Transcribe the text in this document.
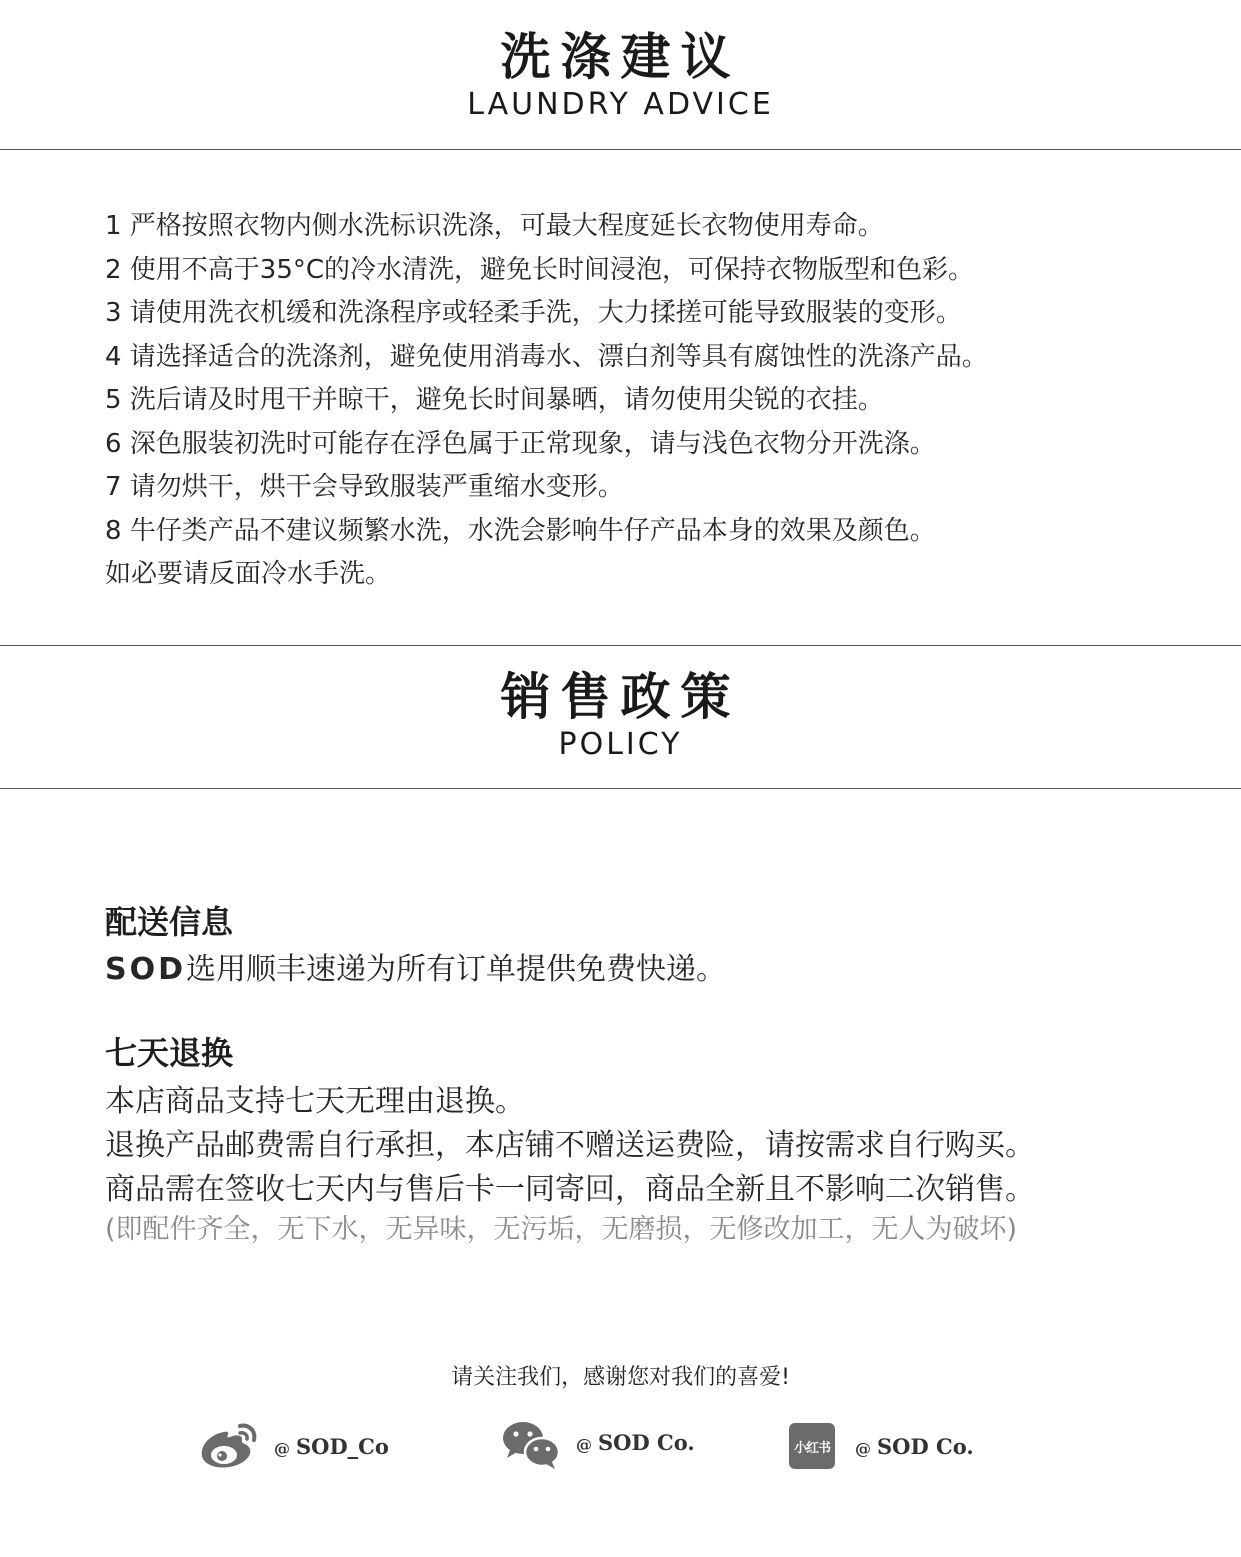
洗涤建议
LAUNDRY ADVICE
1 严格按照衣物内侧水洗标识洗涤，可最大程度延长衣物使用寿命。
2 使用不高于35°C的冷水清洗，避免长时间浸泡，可保持衣物版型和色彩。
3 请使用洗衣机缓和洗涤程序或轻柔手洗，大力揉搓可能导致服装的变形。
4 请选择适合的洗涤剂，避免使用消毒水、漂白剂等具有腐蚀性的洗涤产品。
5 洗后请及时甩干并晾干，避免长时间暴晒，请勿使用尖锐的衣挂。
6 深色服装初洗时可能存在浮色属于正常现象，请与浅色衣物分开洗涤。
7 请勿烘干，烘干会导致服装严重缩水变形。
8 牛仔类产品不建议频繁水洗，水洗会影响牛仔产品本身的效果及颜色。
如必要请反面冷水手洗。
销售政策
POLICY
配送信息
SOD选用顺丰速递为所有订单提供免费快递。
七天退换
本店商品支持七天无理由退换。
退换产品邮费需自行承担，本店铺不赠送运费险，请按需求自行购买。
商品需在签收七天内与售后卡一同寄回，商品全新且不影响二次销售。
(即配件齐全，无下水，无异味，无污垢，无磨损，无修改加工，无人为破坏)
请关注我们，感谢您对我们的喜爱!
@ SOD_Co	@ SOD Co.	小红书	@ SOD Co.
